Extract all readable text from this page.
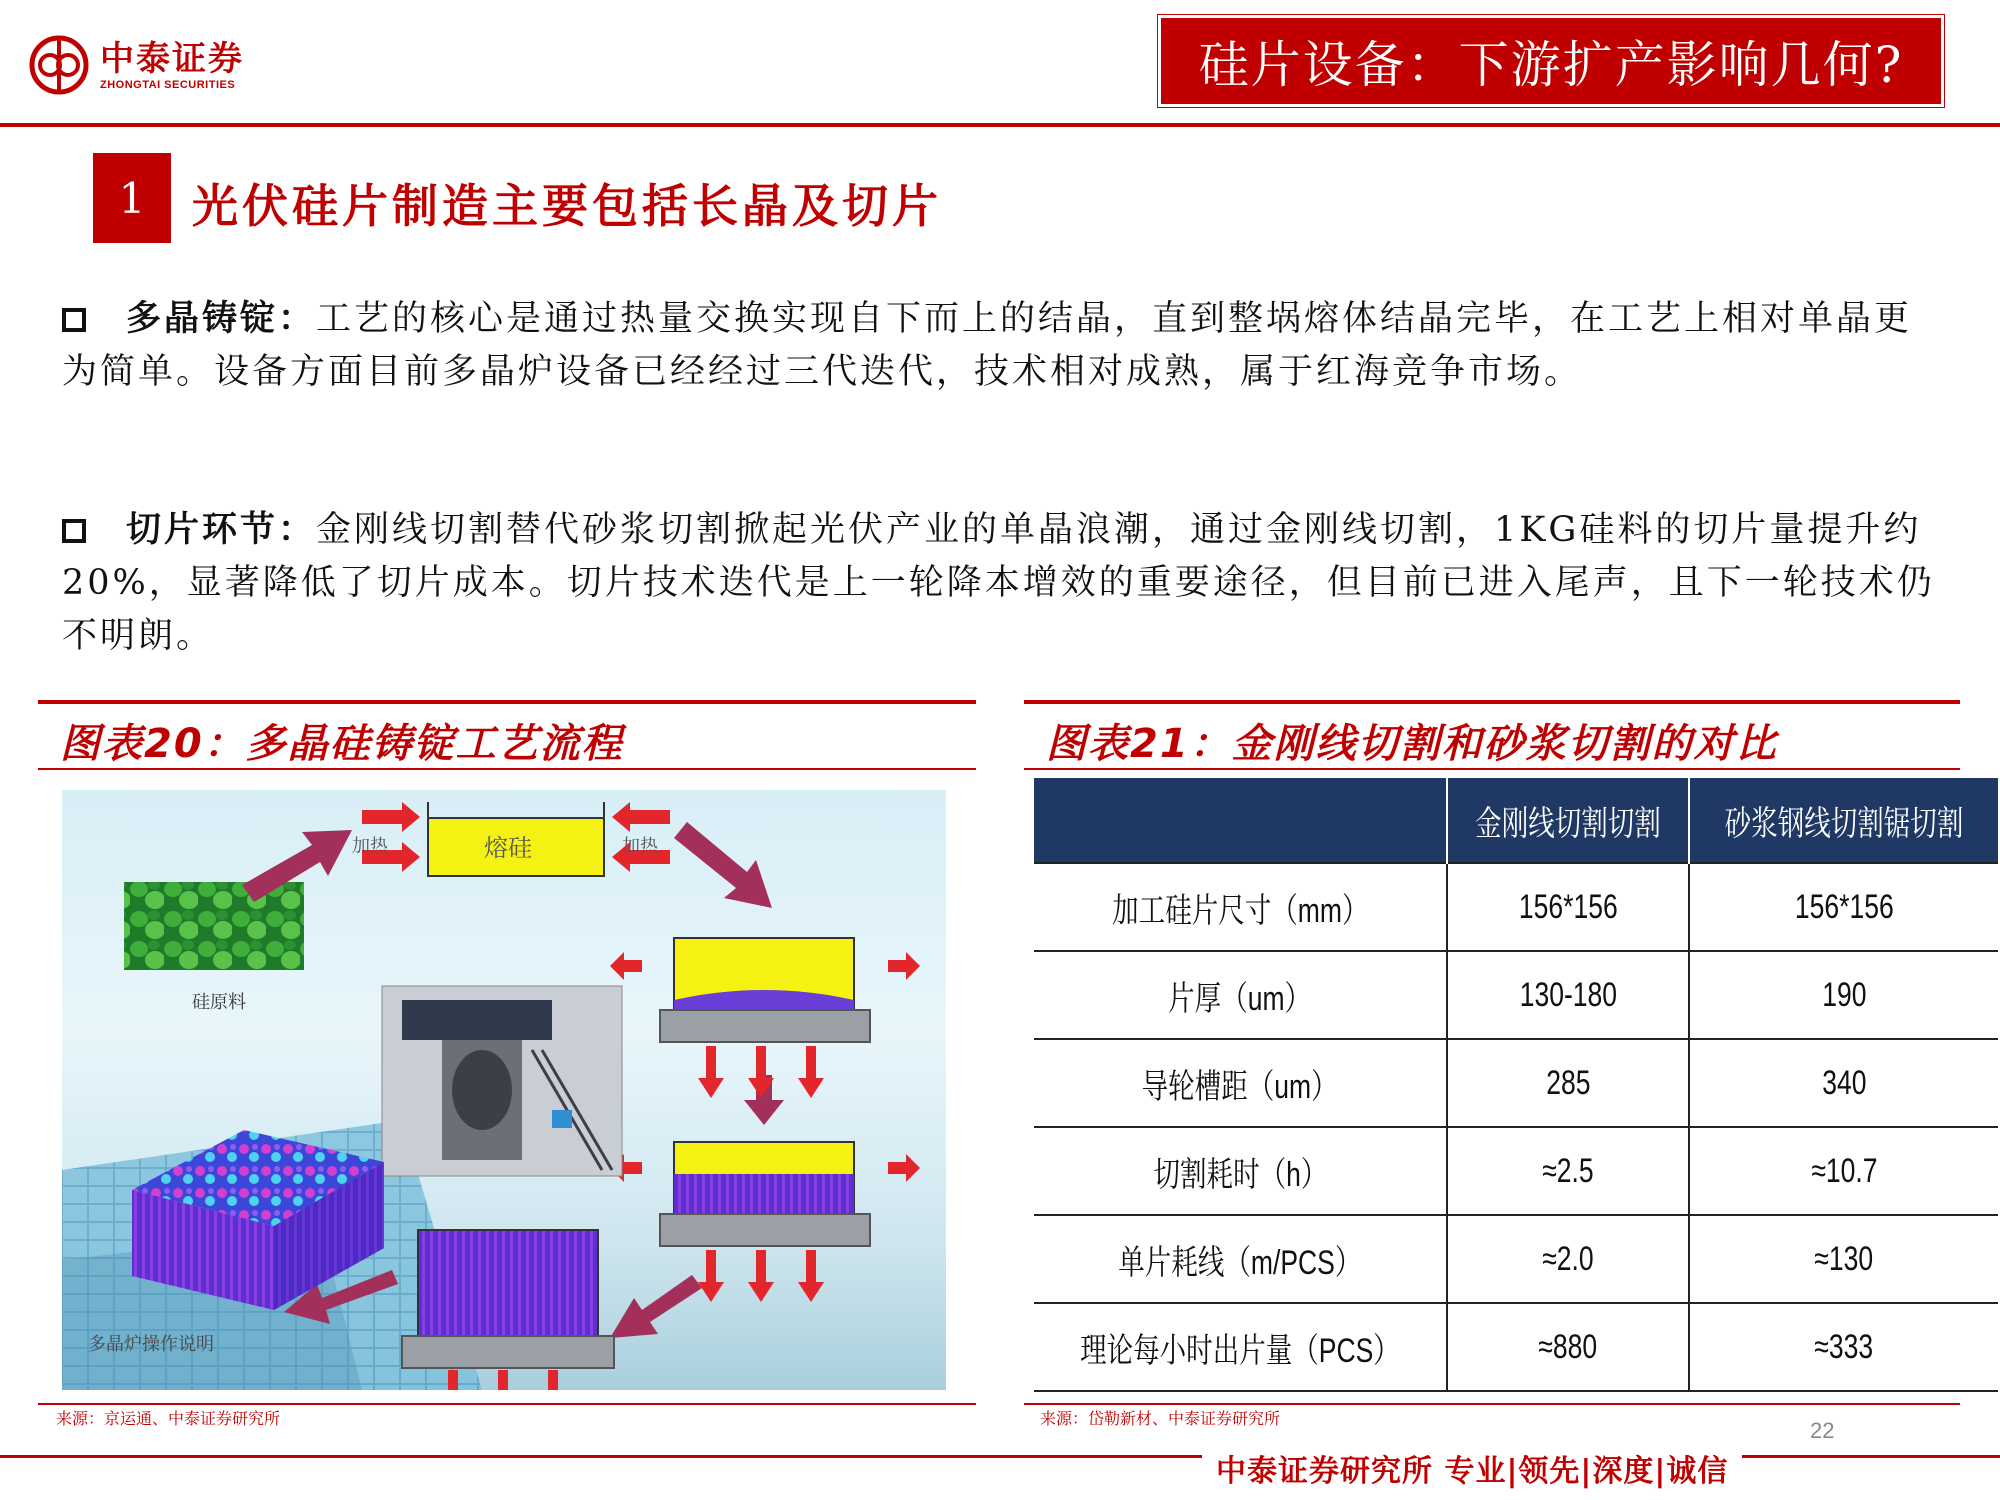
中泰证券
ZHONGTAI SECURITIES	硅片设备：下游扩产影响几何?
1	光伏硅片制造主要包括长晶及切片
多晶铸锭：工艺的核心是通过热量交换实现自下而上的结晶，直到整埚熔体结晶完毕，在工艺上相对单晶更为简单。设备方面目前多晶炉设备已经经过三代迭代，技术相对成熟，属于红海竞争市场。
切片环节：金刚线切割替代砂浆切割掀起光伏产业的单晶浪潮，通过金刚线切割，1KG硅料的切片量提升约20%，显著降低了切片成本。切片技术迭代是上一轮降本增效的重要途径，但目前已进入尾声，且下一轮技术仍不明朗。
图表20：多晶硅铸锭工艺流程
硅原料
熔硅
加热	加热
多晶炉操作说明
来源：京运通、中泰证券研究所
图表21：金刚线切割和砂浆切割的对比
	金刚线切割切割	砂浆钢线切割锯切割
加工硅片尺寸（mm）	156*156	156*156
片厚（um）	130-180	190
导轮槽距（um）	285	340
切割耗时（h）	≈2.5	≈10.7
单片耗线（m/PCS）	≈2.0	≈130
理论每小时出片量（PCS）	≈880	≈333
来源：岱勒新材、中泰证券研究所	22
中泰证券研究所 专业|领先|深度|诚信
